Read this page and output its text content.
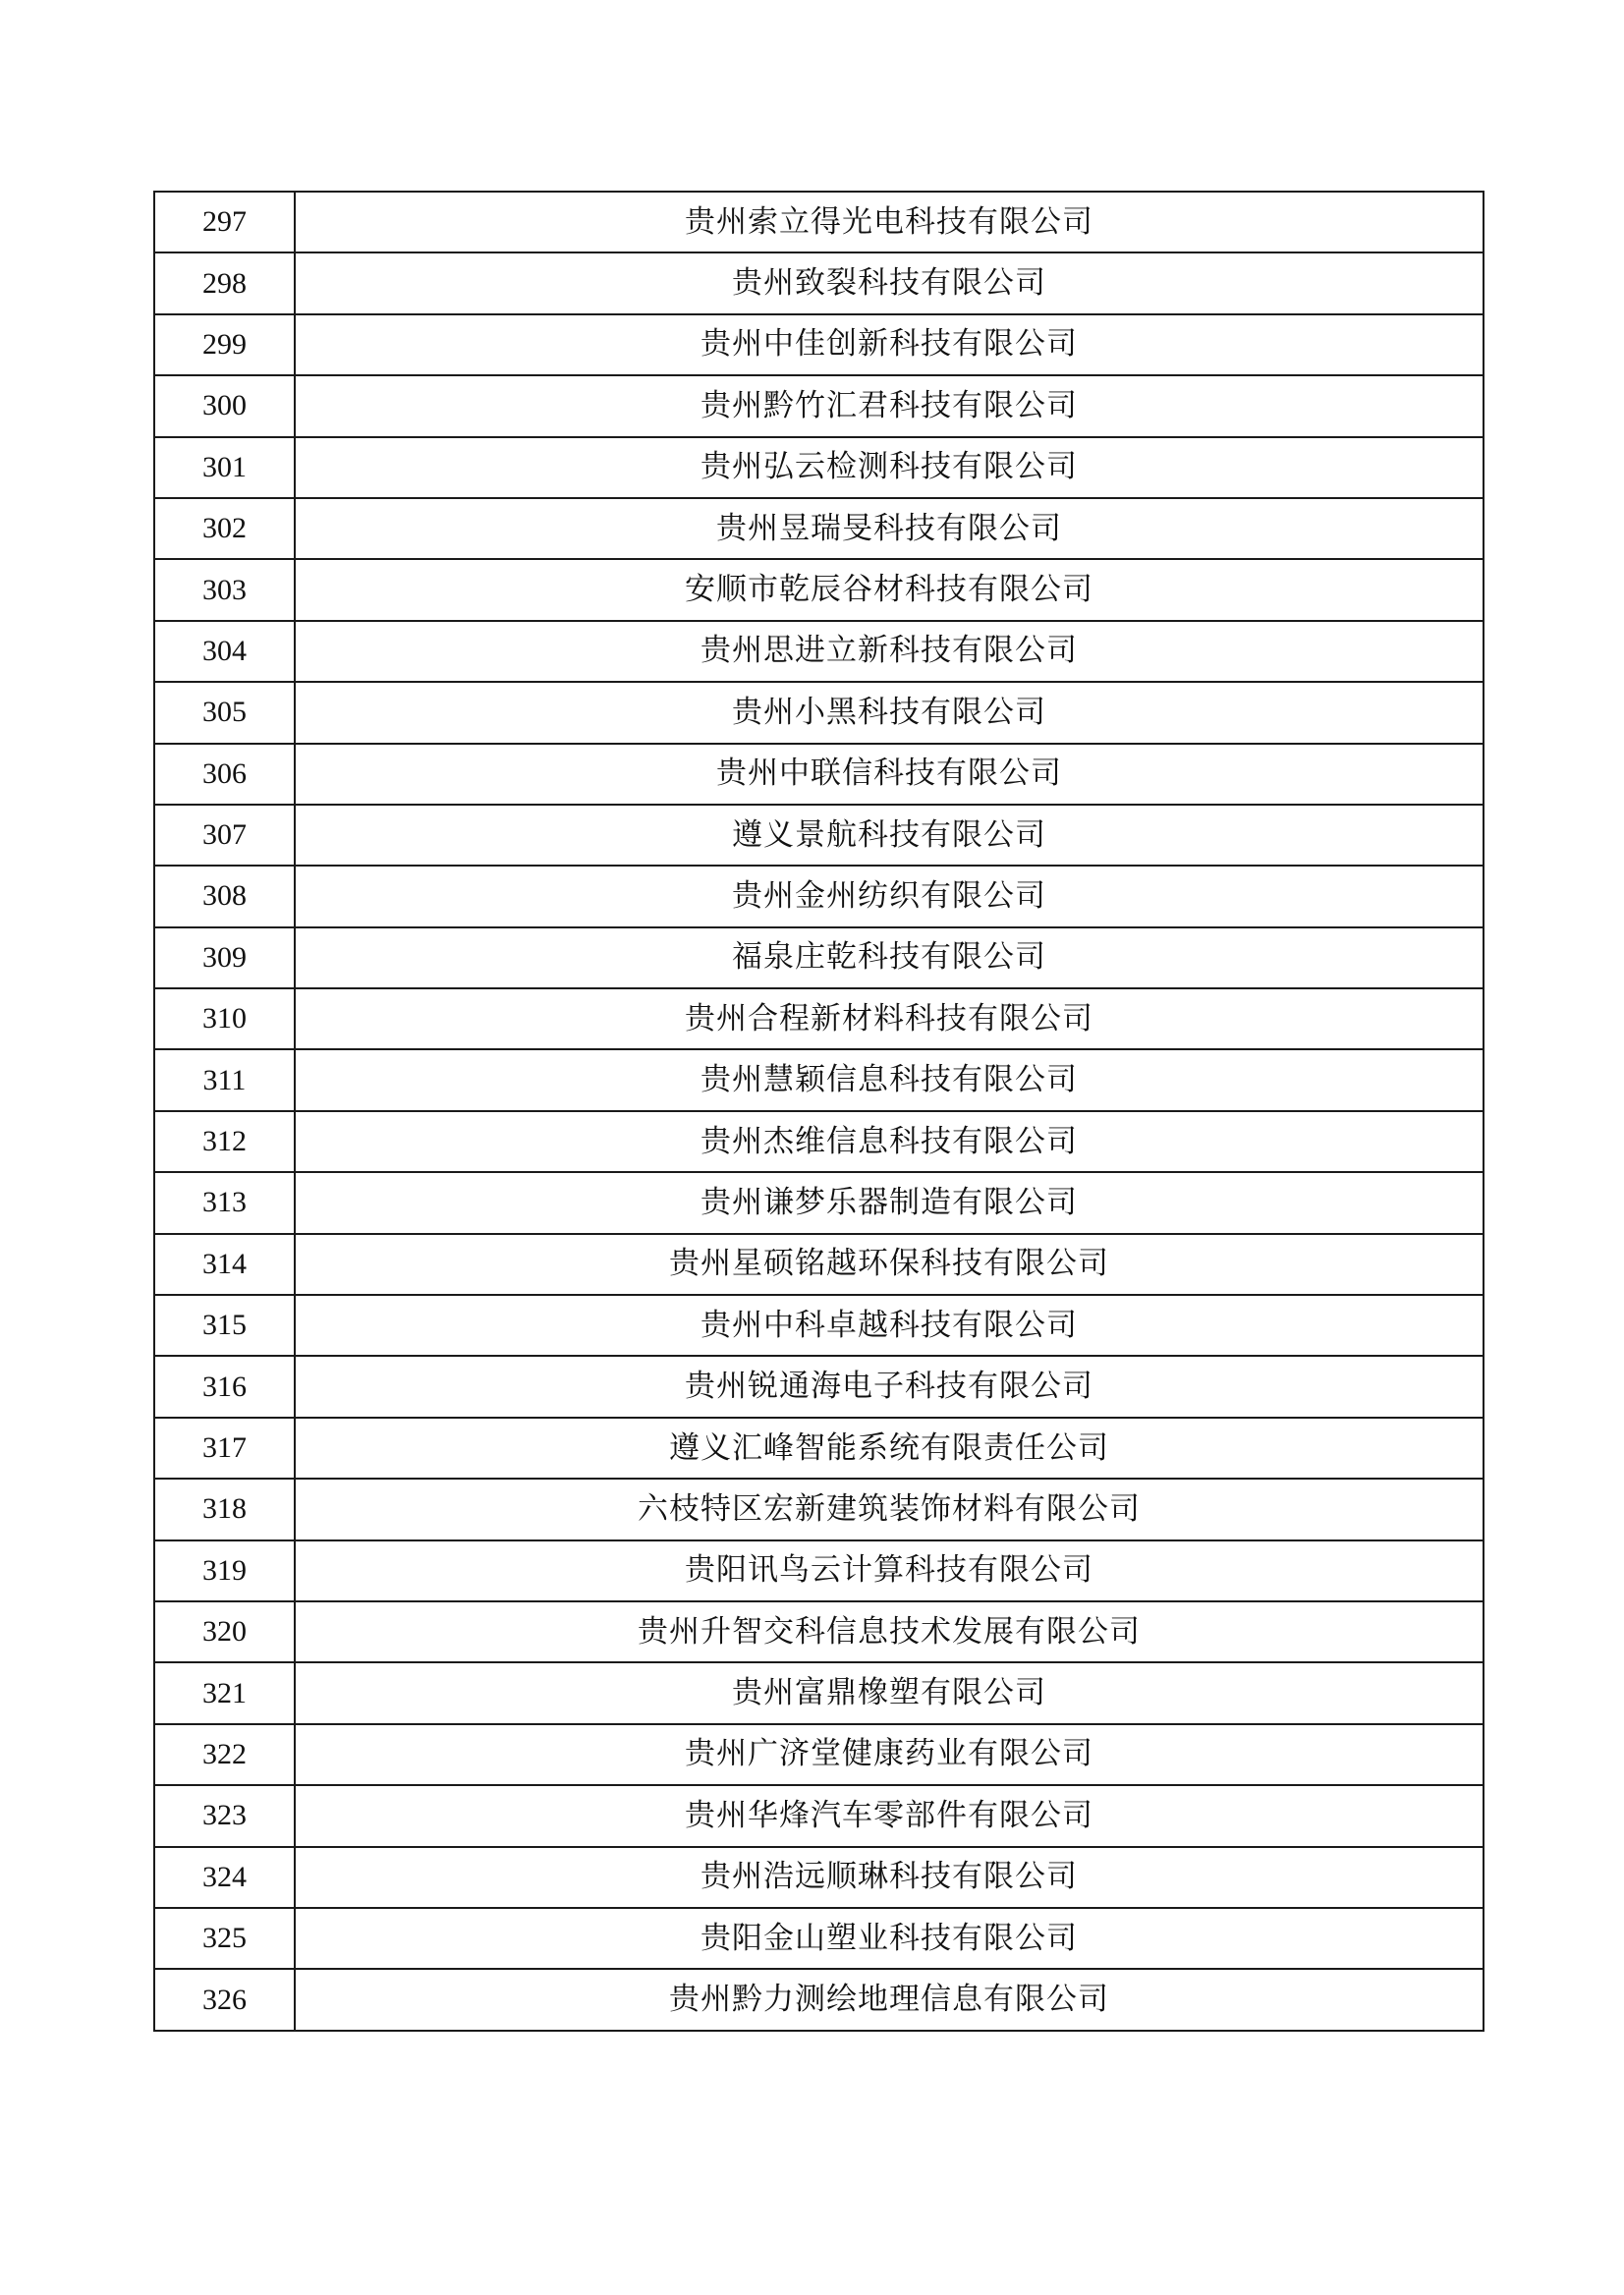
297	贵州索立得光电科技有限公司
298	贵州致裂科技有限公司
299	贵州中佳创新科技有限公司
300	贵州黔竹汇君科技有限公司
301	贵州弘云检测科技有限公司
302	贵州昱瑞旻科技有限公司
303	安顺市乾辰谷材科技有限公司
304	贵州思进立新科技有限公司
305	贵州小黑科技有限公司
306	贵州中联信科技有限公司
307	遵义景航科技有限公司
308	贵州金州纺织有限公司
309	福泉庄乾科技有限公司
310	贵州合程新材料科技有限公司
311	贵州慧颖信息科技有限公司
312	贵州杰维信息科技有限公司
313	贵州谦梦乐器制造有限公司
314	贵州星硕铭越环保科技有限公司
315	贵州中科卓越科技有限公司
316	贵州锐通海电子科技有限公司
317	遵义汇峰智能系统有限责任公司
318	六枝特区宏新建筑装饰材料有限公司
319	贵阳讯鸟云计算科技有限公司
320	贵州升智交科信息技术发展有限公司
321	贵州富鼎橡塑有限公司
322	贵州广济堂健康药业有限公司
323	贵州华烽汽车零部件有限公司
324	贵州浩远顺琳科技有限公司
325	贵阳金山塑业科技有限公司
326	贵州黔力测绘地理信息有限公司
